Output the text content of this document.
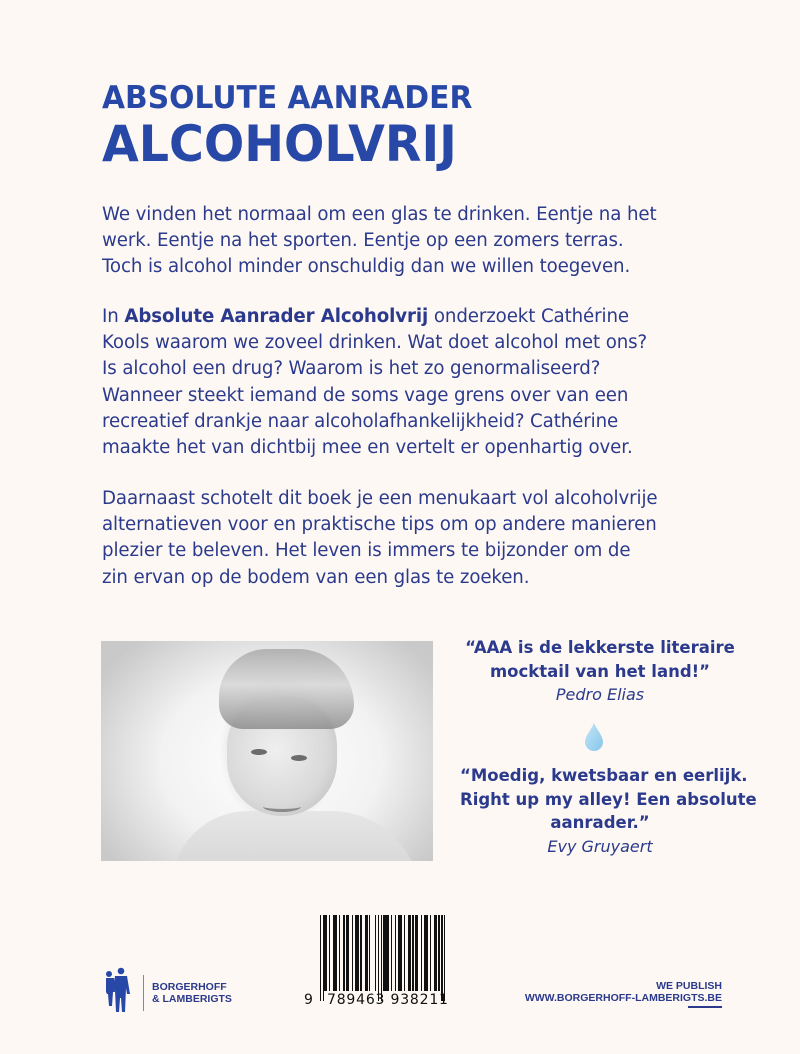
ABSOLUTE AANRADER
ALCOHOLVRIJ
We vinden het normaal om een glas te drinken. Eentje na het
werk. Eentje na het sporten. Eentje op een zomers terras.
Toch is alcohol minder onschuldig dan we willen toegeven.
In Absolute Aanrader Alcoholvrij onderzoekt Cathérine
Kools waarom we zoveel drinken. Wat doet alcohol met ons?
Is alcohol een drug? Waarom is het zo genormaliseerd?
Wanneer steekt iemand de soms vage grens over van een
recreatief drankje naar alcoholafhankelijkheid? Cathérine
maakte het van dichtbij mee en vertelt er openhartig over.
Daarnaast schotelt dit boek je een menukaart vol alcoholvrije
alternatieven voor en praktische tips om op andere manieren
plezier te beleven. Het leven is immers te bijzonder om de
zin ervan op de bodem van een glas te zoeken.
“AAA is de lekkerste literaire
mocktail van het land!”
Pedro Elias
“Moedig, kwetsbaar en eerlijk.
Right up my alley! Een absolute
aanrader.”
Evy Gruyaert
BORGERHOFF
& LAMBERIGTS	9 789463 938211
WE PUBLISH
WWW.BORGERHOFF-LAMBERIGTS.BE
